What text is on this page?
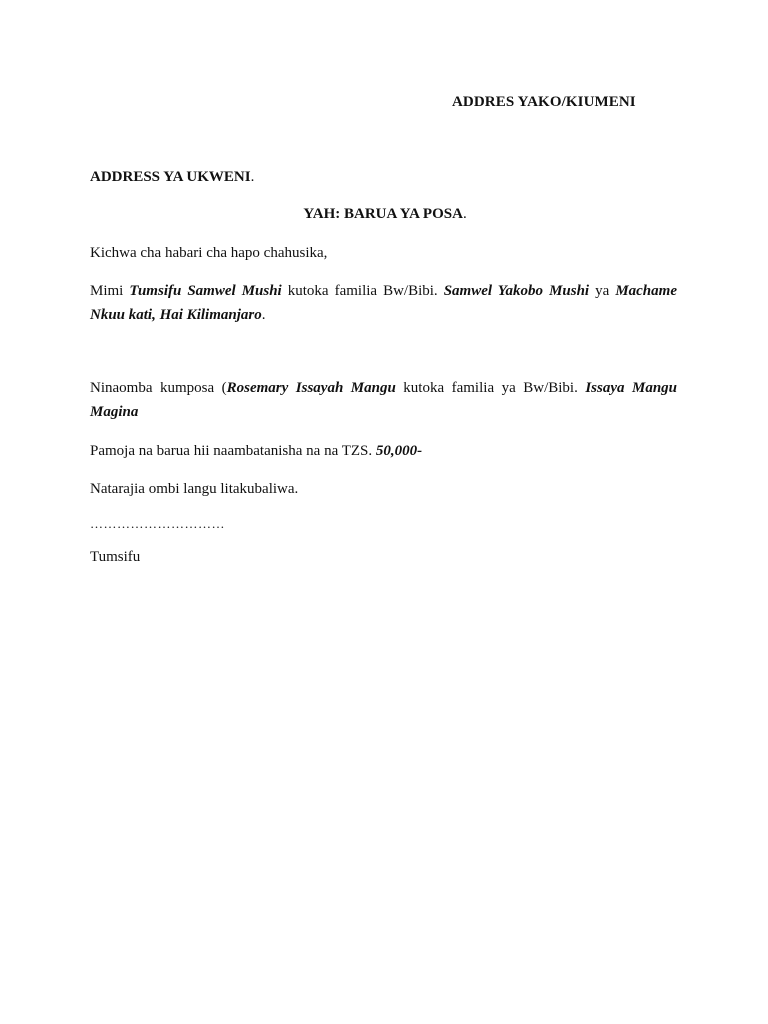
ADDRES YAKO/KIUMENI
ADDRESS YA UKWENI.
YAH: BARUA YA POSA.
Kichwa cha habari cha hapo chahusika,
Mimi Tumsifu Samwel Mushi kutoka familia Bw/Bibi. Samwel Yakobo Mushi ya Machame Nkuu kati, Hai Kilimanjaro.
Ninaomba kumposa (Rosemary Issayah Mangu kutoka familia ya Bw/Bibi. Issaya Mangu Magina
Pamoja na barua hii naambatanisha na na TZS. 50,000-
Natarajia ombi langu litakubaliwa.
…………………………
Tumsifu
